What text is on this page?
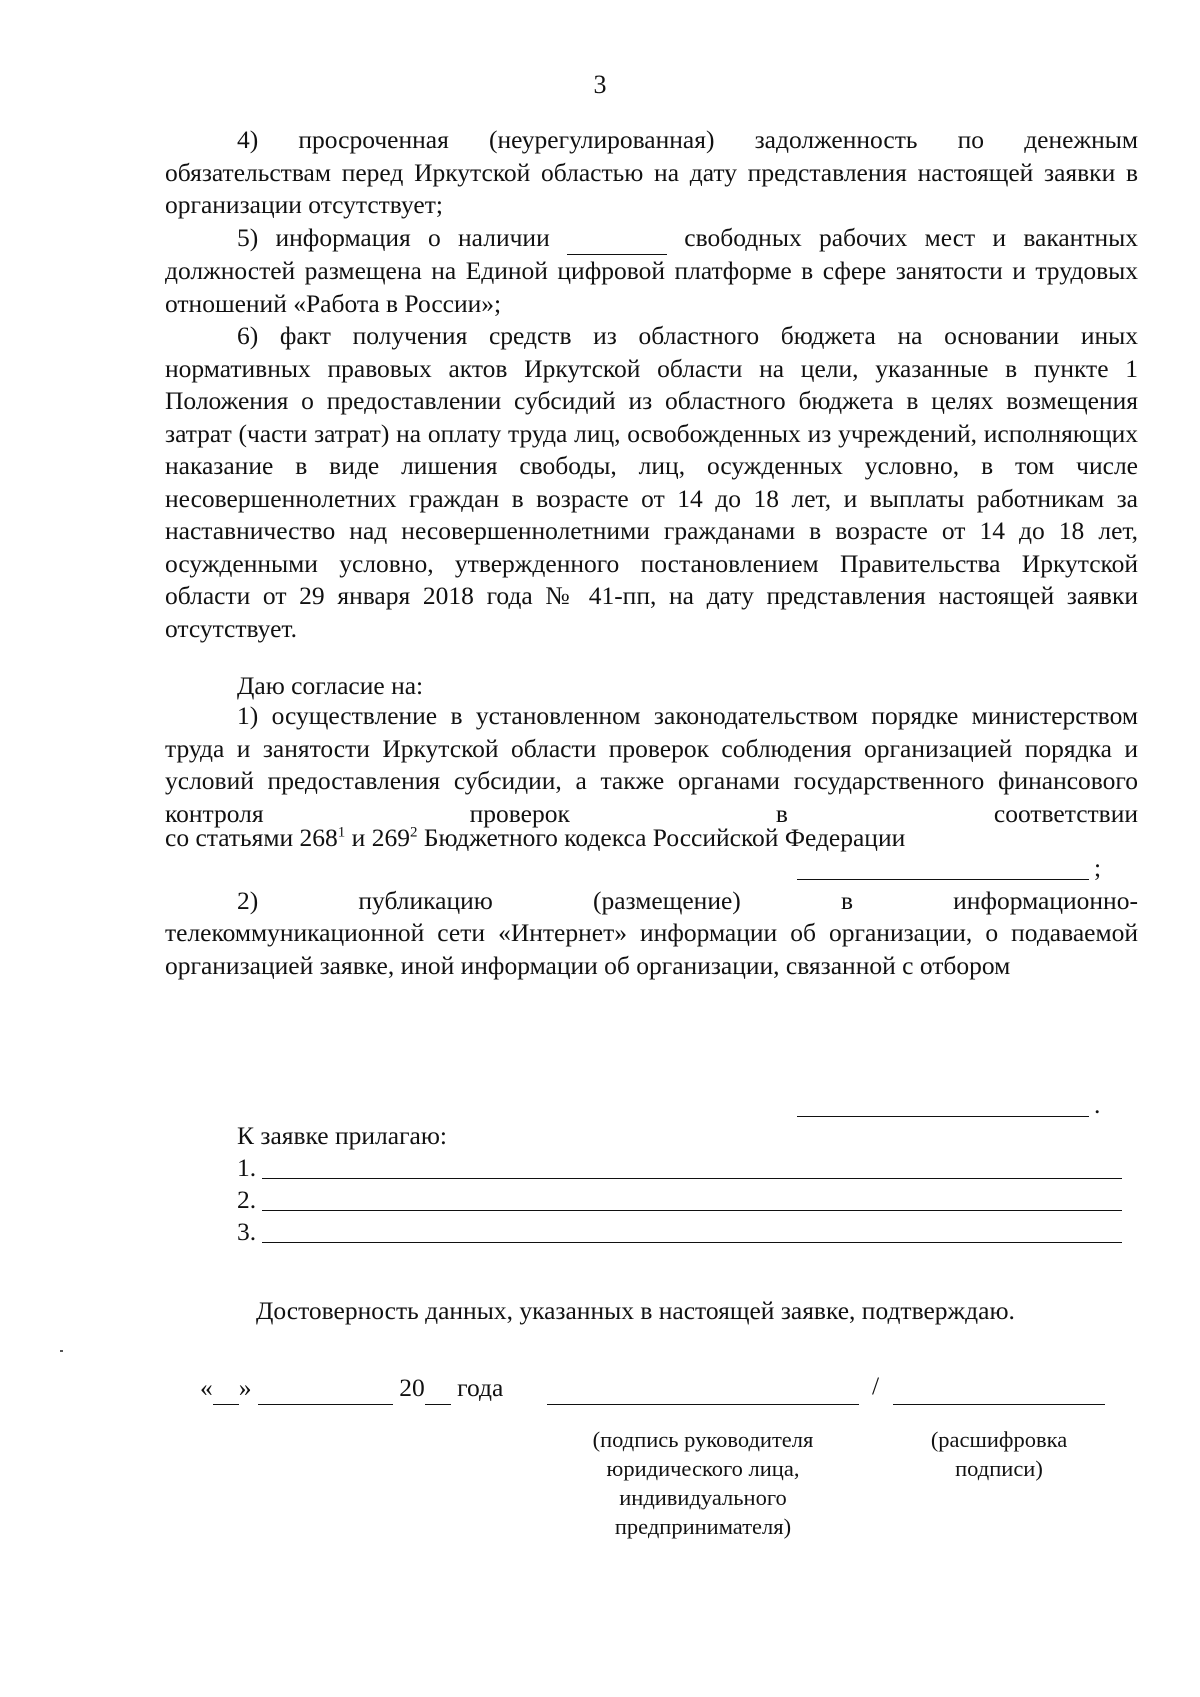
3

4) просроченная (неурегулированная) задолженность по денежным обязательствам перед Иркутской областью на дату представления настоящей заявки в организации отсутствует;

5) информация о наличии	свободных рабочих мест и вакантных должностей размещена на Единой цифровой платформе в сфере занятости и трудовых отношений «Работа в России»;

6) факт получения средств из областного бюджета на основании иных нормативных правовых актов Иркутской области на цели, указанные в пункте 1 Положения о предоставлении субсидий из областного бюджета в целях возмещения затрат (части затрат) на оплату труда лиц, освобожденных из учреждений, исполняющих наказание в виде лишения свободы, лиц, осужденных условно, в том числе несовершеннолетних граждан в возрасте от 14 до 18 лет, и выплаты работникам за наставничество над несовершеннолетними гражданами в возрасте от 14 до 18 лет, осужденными условно, утвержденного постановлением Правительства Иркутской области от 29 января 2018 года № 41-пп, на дату представления настоящей заявки отсутствует.

Даю согласие на:

1) осуществление в установленном законодательством порядке министерством труда и занятости Иркутской области проверок соблюдения организацией порядка и условий предоставления субсидии, а также органами государственного финансового контроля проверок в соответствии

со статьями $268^1$ и $269^2$ Бюджетного кодекса Российской Федерации
;
2)	публикацию	(размещение)	в	информационно-

телекоммуникационной сети «Интернет» информации об организации, о подаваемой организацией заявке, иной информации об организации, связанной с отбором

.
К заявке прилагаю:
1.
2.
3.
Достоверность данных, указанных в настоящей заявке, подтверждаю.
« »	20 года	/
(подпись руководителя
юридического лица,
индивидуального
предпринимателя)
(расшифровка
подписи)
